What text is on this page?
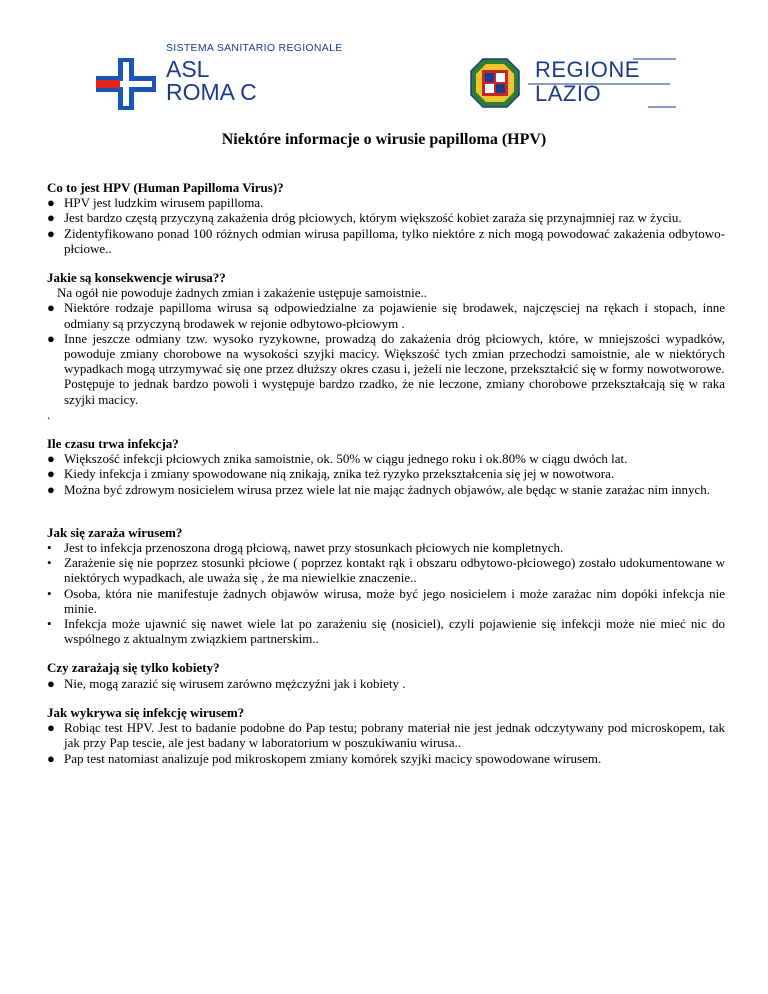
SISTEMA SANITARIO REGIONALE
ASL
ROMA C
REGIONE
LAZIO
Niektóre informacje o wirusie papilloma (HPV)

Co to jest HPV (Human Papilloma Virus)?

● HPV jest ludzkim wirusem papilloma.
● Jest bardzo częstą przyczyną zakażenia dróg płciowych, którym większość kobiet zaraża się przynajmniej raz w życiu.
● Zidentyfikowano ponad 100 różnych odmian wirusa papilloma, tylko niektóre z nich mogą powodować zakażenia odbytowo-płciowe..

Jakie są konsekwencje wirusa??

Na ogół nie powoduje żadnych zmian i zakażenie ustępuje samoistnie..

● Niektóre rodzaje papilloma wirusa są odpowiedzialne za pojawienie się brodawek, najczęsciej na rękach i stopach, inne odmiany są przyczyną brodawek w rejonie odbytowo-płciowym .
● Inne jeszcze odmiany tzw. wysoko ryzykowne, prowadzą do zakażenia dróg płciowych, które, w mniejszości wypadków, powoduje zmiany chorobowe na wysokości szyjki macicy. Większość tych zmian przechodzi samoistnie, ale w niektórych wypadkach mogą utrzymywać się one przez dłuższy okres czasu i, jeżeli nie leczone, przekształcić się w formy nowotworowe.

Postępuje to jednak bardzo powoli i występuje bardzo rzadko, że nie leczone, zmiany chorobowe przekształcają się w raka szyjki macicy.

.

Ile czasu trwa infekcja?

● Większość infekcji płciowych znika samoistnie, ok. 50% w ciągu jednego roku i ok.80% w ciągu dwóch lat.
● Kiedy infekcja i zmiany spowodowane nią znikają, znika też ryzyko przekształcenia się jej w nowotwora.
● Można być zdrowym nosicielem wirusa przez wiele lat nie mając żadnych objawów, ale będąc w stanie zarażac nim innych.

Jak się zaraża wirusem?

• Jest to infekcja przenoszona drogą płciową, nawet przy stosunkach płciowych nie kompletnych.
• Zarażenie się nie poprzez stosunki płciowe ( poprzez kontakt rąk i obszaru odbytowo-płciowego) zostało udokumentowane w niektórych wypadkach, ale uważa się , że ma niewielkie znaczenie..
• Osoba, która nie manifestuje żadnych objawów wirusa, może być jego nosicielem i może zarażac nim dopóki infekcja nie minie.
• Infekcja może ujawnić się nawet wiele lat po zarażeniu się (nosiciel), czyli pojawienie się infekcji może nie mieć nic do wspólnego z aktualnym związkiem partnerskim..

Czy zarażają się tylko kobiety?

● Nie, mogą zarazić się wirusem zarówno mężczyźni jak i kobiety .

Jak wykrywa się infekcję wirusem?

● Robiąc test HPV. Jest to badanie podobne do Pap testu; pobrany materiał nie jest jednak odczytywany pod microskopem, tak jak przy Pap tescie, ale jest badany w laboratorium w poszukiwaniu wirusa..
● Pap test natomiast analizuje pod mikroskopem zmiany komórek szyjki macicy spowodowane wirusem.
